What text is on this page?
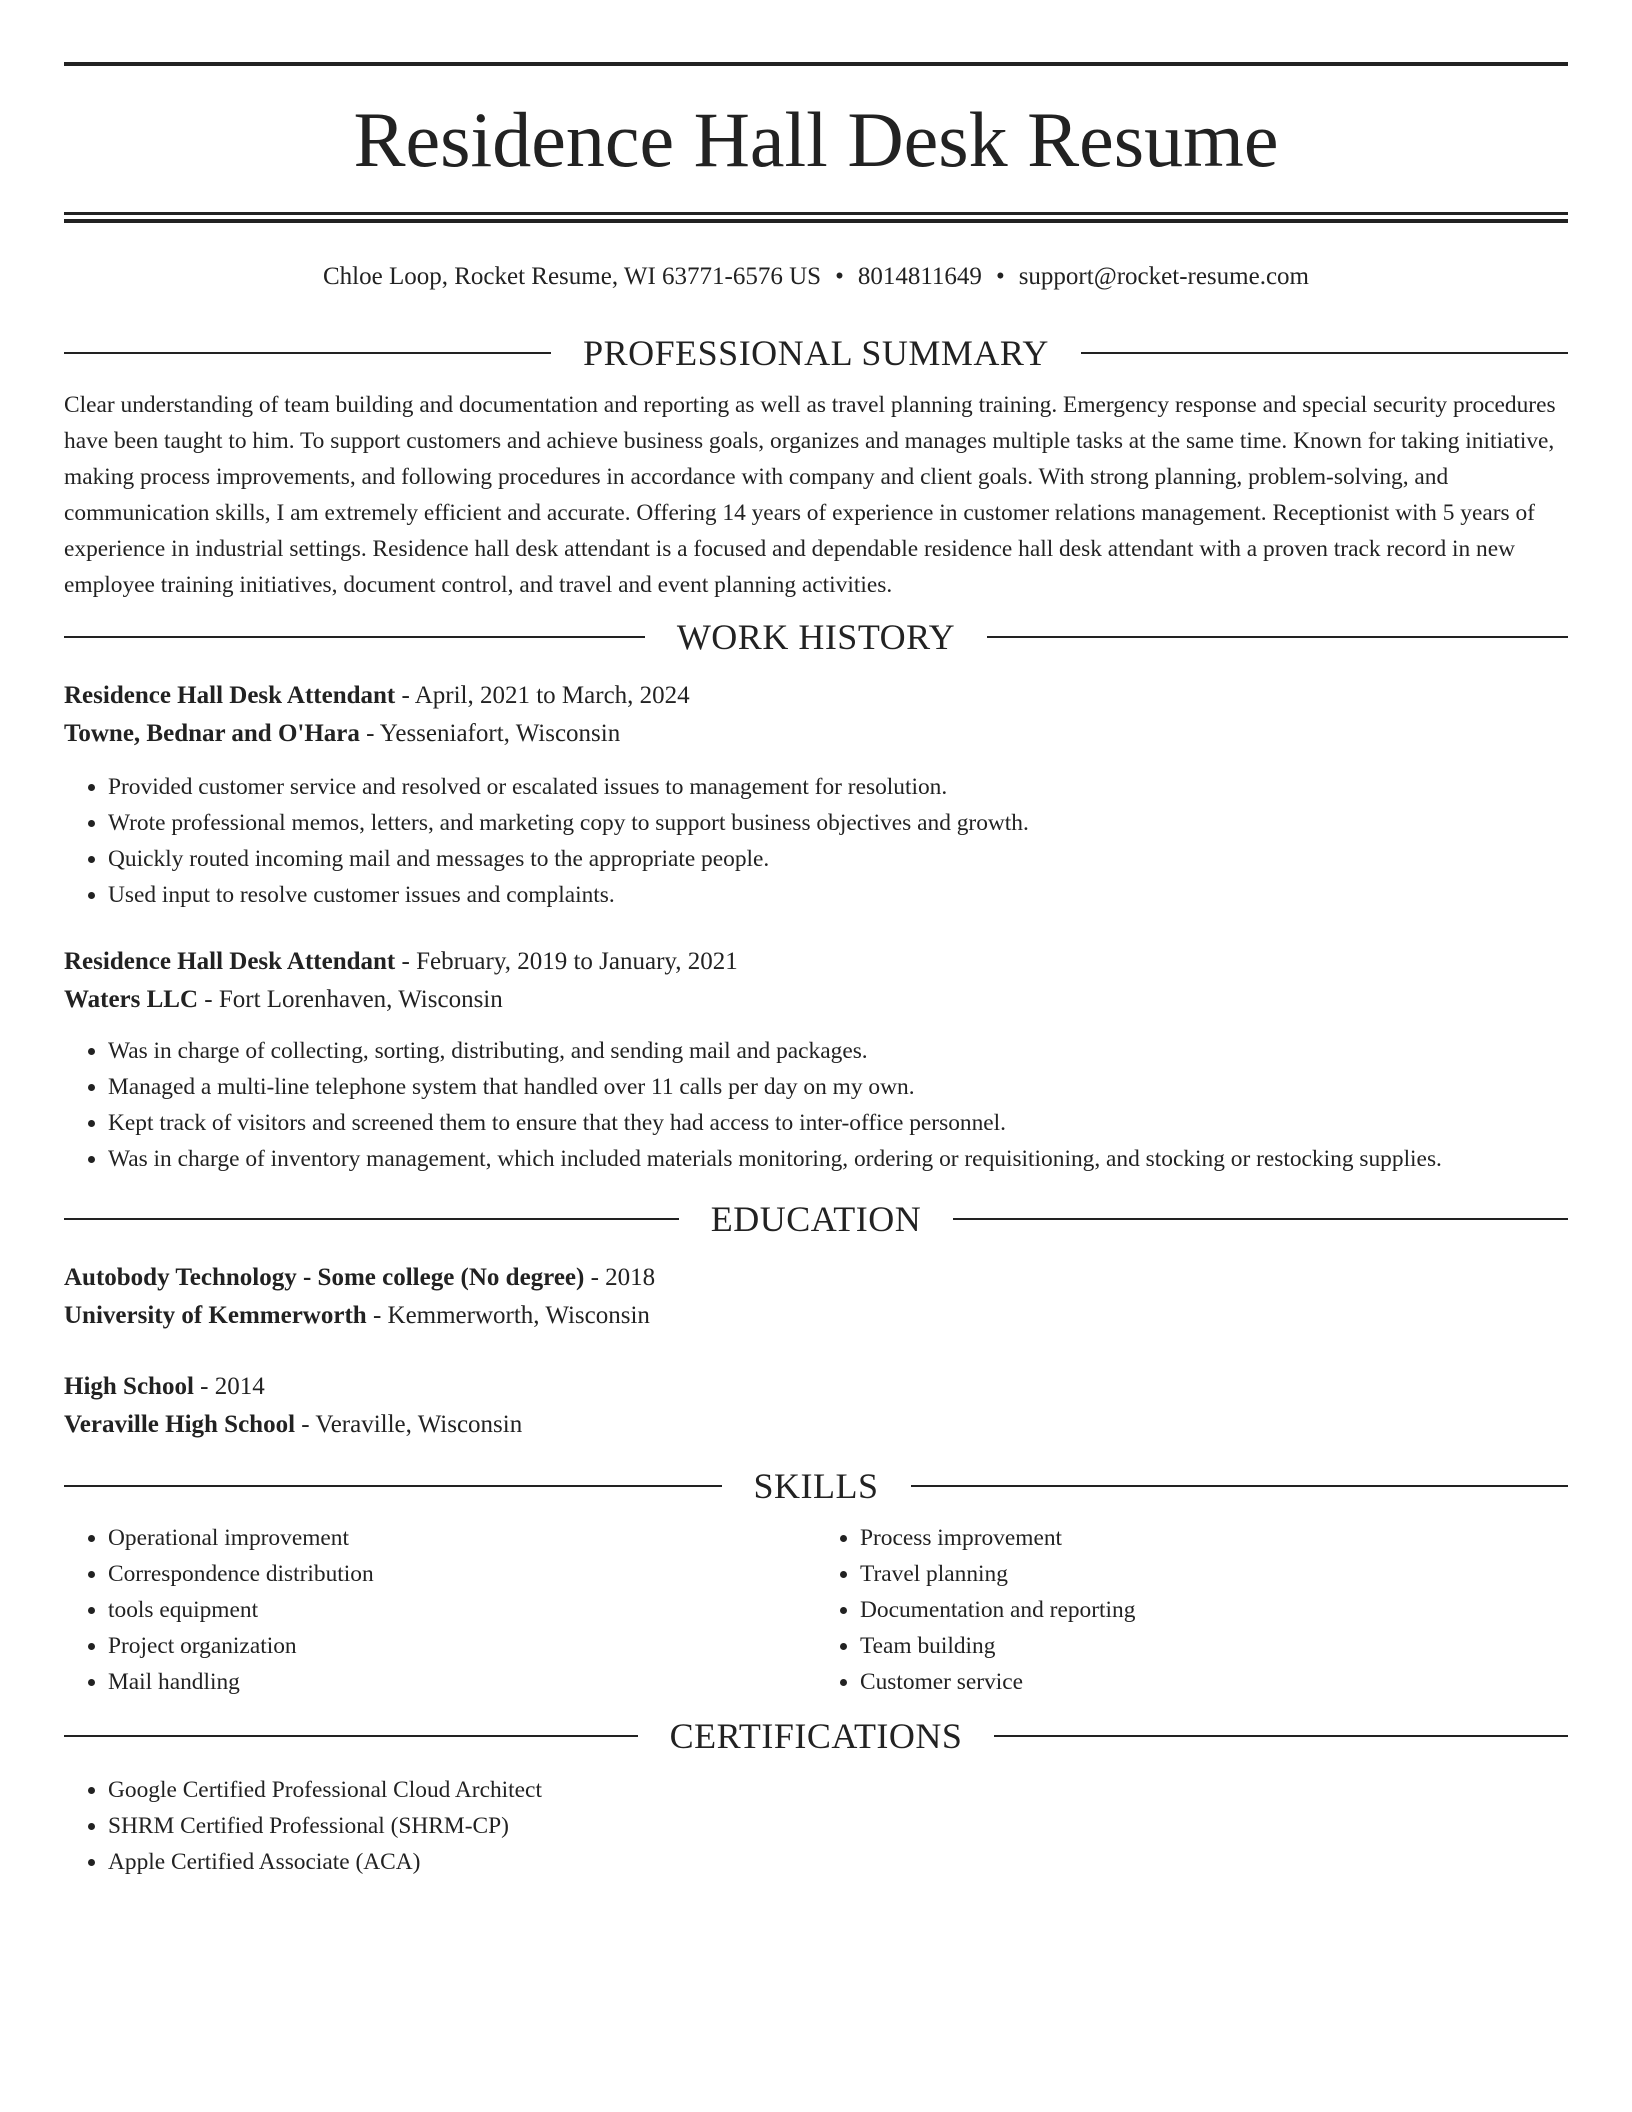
Residence Hall Desk Resume
Chloe Loop, Rocket Resume, WI 63771-6576 US • 8014811649 • support@rocket-resume.com
PROFESSIONAL SUMMARY

Clear understanding of team building and documentation and reporting as well as travel planning training. Emergency response and special security procedures have been taught to him. To support customers and achieve business goals, organizes and manages multiple tasks at the same time. Known for taking initiative, making process improvements, and following procedures in accordance with company and client goals. With strong planning, problem-solving, and communication skills, I am extremely efficient and accurate. Offering 14 years of experience in customer relations management. Receptionist with 5 years of experience in industrial settings. Residence hall desk attendant is a focused and dependable residence hall desk attendant with a proven track record in new employee training initiatives, document control, and travel and event planning activities.

WORK HISTORY
Residence Hall Desk Attendant - April, 2021 to March, 2024
Towne, Bednar and O'Hara - Yesseniafort, Wisconsin
• Provided customer service and resolved or escalated issues to management for resolution.
• Wrote professional memos, letters, and marketing copy to support business objectives and growth.
• Quickly routed incoming mail and messages to the appropriate people.
• Used input to resolve customer issues and complaints.
Residence Hall Desk Attendant - February, 2019 to January, 2021
Waters LLC - Fort Lorenhaven, Wisconsin
• Was in charge of collecting, sorting, distributing, and sending mail and packages.
• Managed a multi-line telephone system that handled over 11 calls per day on my own.
• Kept track of visitors and screened them to ensure that they had access to inter-office personnel.
• Was in charge of inventory management, which included materials monitoring, ordering or requisitioning, and stocking or restocking supplies.
EDUCATION
Autobody Technology - Some college (No degree) - 2018
University of Kemmerworth - Kemmerworth, Wisconsin
High School - 2014
Veraville High School - Veraville, Wisconsin
SKILLS
• Operational improvement
• Correspondence distribution
• tools equipment
• Project organization
• Mail handling
• Process improvement
• Travel planning
• Documentation and reporting
• Team building
• Customer service
CERTIFICATIONS
• Google Certified Professional Cloud Architect
• SHRM Certified Professional (SHRM-CP)
• Apple Certified Associate (ACA)
